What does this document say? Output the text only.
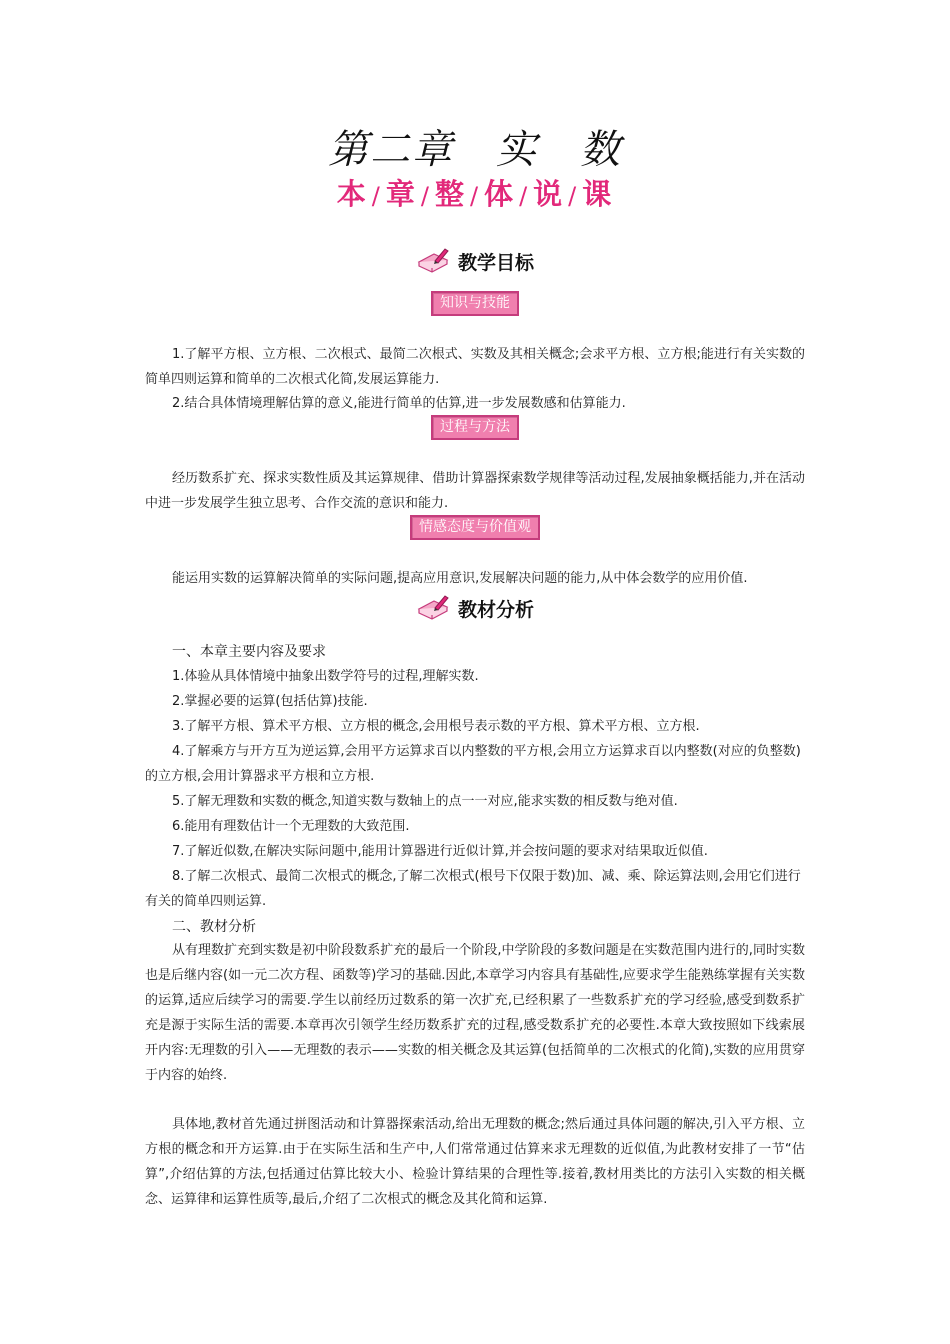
第二章　实　数
本 / 章 / 整 / 体 / 说 / 课
教学目标
知识与技能
1.了解平方根、立方根、二次根式、最简二次根式、实数及其相关概念;会求平方根、立方根;能进行有关实数的简单四则运算和简单的二次根式化简,发展运算能力.
2.结合具体情境理解估算的意义,能进行简单的估算,进一步发展数感和估算能力.
过程与方法
经历数系扩充、探求实数性质及其运算规律、借助计算器探索数学规律等活动过程,发展抽象概括能力,并在活动中进一步发展学生独立思考、合作交流的意识和能力.
情感态度与价值观
能运用实数的运算解决简单的实际问题,提高应用意识,发展解决问题的能力,从中体会数学的应用价值.
教材分析
一、本章主要内容及要求
1.体验从具体情境中抽象出数学符号的过程,理解实数.
2.掌握必要的运算(包括估算)技能.
3.了解平方根、算术平方根、立方根的概念,会用根号表示数的平方根、算术平方根、立方根.
4.了解乘方与开方互为逆运算,会用平方运算求百以内整数的平方根,会用立方运算求百以内整数(对应的负整数)的立方根,会用计算器求平方根和立方根.
5.了解无理数和实数的概念,知道实数与数轴上的点一一对应,能求实数的相反数与绝对值.
6.能用有理数估计一个无理数的大致范围.
7.了解近似数,在解决实际问题中,能用计算器进行近似计算,并会按问题的要求对结果取近似值.
8.了解二次根式、最简二次根式的概念,了解二次根式(根号下仅限于数)加、减、乘、除运算法则,会用它们进行有关的简单四则运算.
二、教材分析
从有理数扩充到实数是初中阶段数系扩充的最后一个阶段,中学阶段的多数问题是在实数范围内进行的,同时实数也是后继内容(如一元二次方程、函数等)学习的基础.因此,本章学习内容具有基础性,应要求学生能熟练掌握有关实数的运算,适应后续学习的需要.学生以前经历过数系的第一次扩充,已经积累了一些数系扩充的学习经验,感受到数系扩充是源于实际生活的需要.本章再次引领学生经历数系扩充的过程,感受数系扩充的必要性.本章大致按照如下线索展开内容:无理数的引入——无理数的表示——实数的相关概念及其运算(包括简单的二次根式的化简),实数的应用贯穿于内容的始终.
具体地,教材首先通过拼图活动和计算器探索活动,给出无理数的概念;然后通过具体问题的解决,引入平方根、立方根的概念和开方运算.由于在实际生活和生产中,人们常常通过估算来求无理数的近似值,为此教材安排了一节“估算”,介绍估算的方法,包括通过估算比较大小、检验计算结果的合理性等.接着,教材用类比的方法引入实数的相关概念、运算律和运算性质等,最后,介绍了二次根式的概念及其化简和运算.
